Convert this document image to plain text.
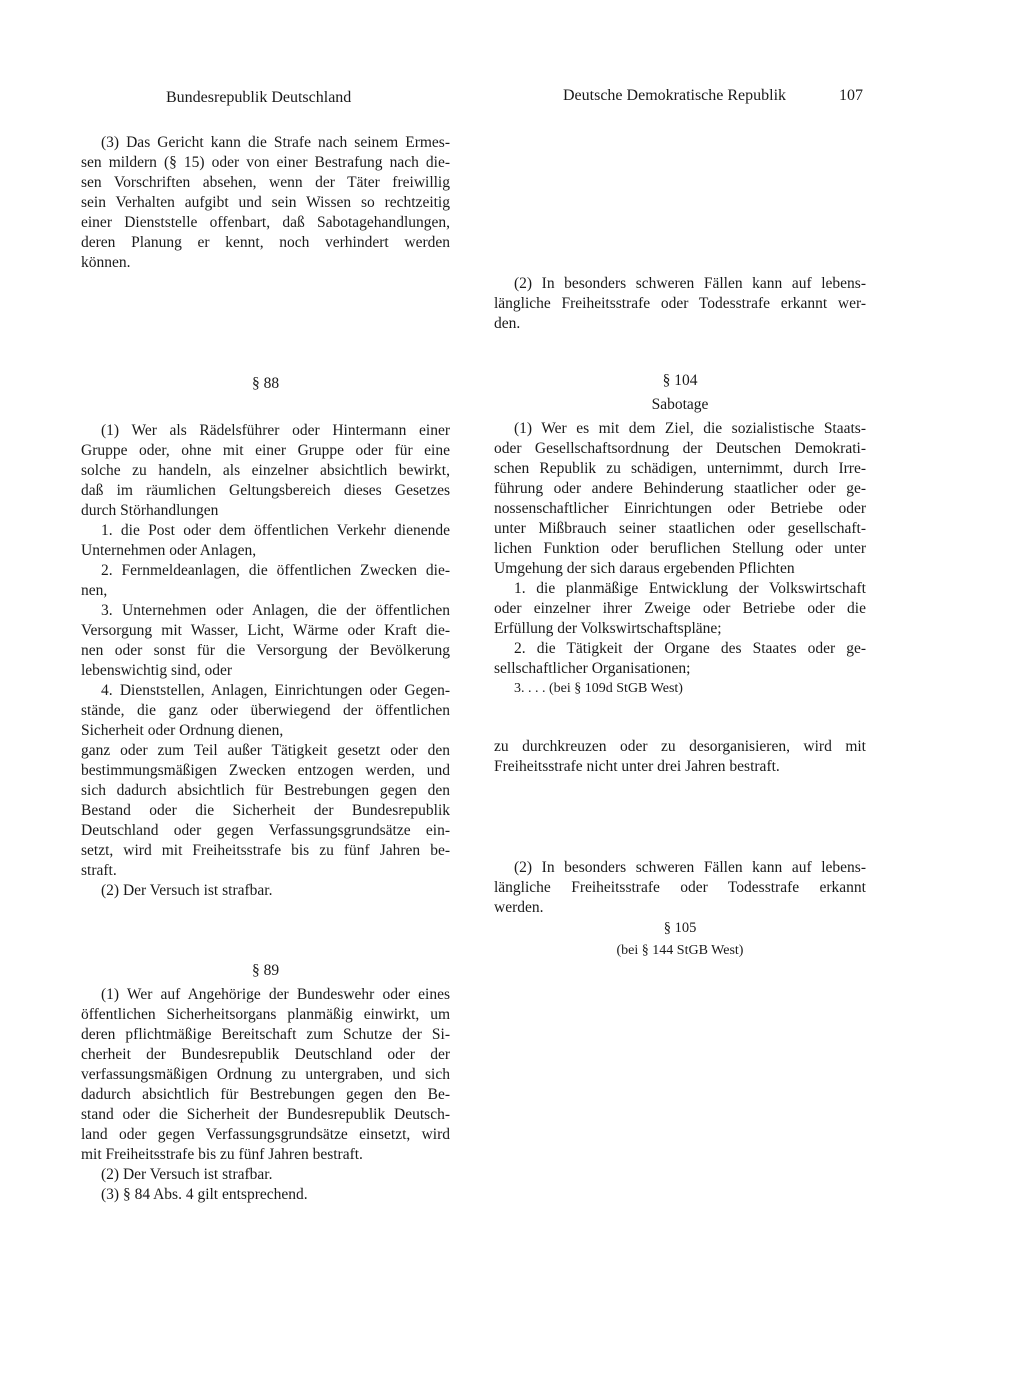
Bundesrepublik Deutschland	Deutsche Demokratische Republik	107
(3) Das Gericht kann die Strafe nach seinem Ermes-
sen mildern (§ 15) oder von einer Bestrafung nach die-
sen Vorschriften absehen, wenn der Täter freiwillig
sein Verhalten aufgibt und sein Wissen so rechtzeitig
einer Dienststelle offenbart, daß Sabotagehandlungen,
deren Planung er kennt, noch verhindert werden
können.
§ 88
(1) Wer als Rädelsführer oder Hintermann einer
Gruppe oder, ohne mit einer Gruppe oder für eine
solche zu handeln, als einzelner absichtlich bewirkt,
daß im räumlichen Geltungsbereich dieses Gesetzes
durch Störhandlungen
1. die Post oder dem öffentlichen Verkehr dienende
Unternehmen oder Anlagen,
2. Fernmeldeanlagen, die öffentlichen Zwecken die-
nen,
3. Unternehmen oder Anlagen, die der öffentlichen
Versorgung mit Wasser, Licht, Wärme oder Kraft die-
nen oder sonst für die Versorgung der Bevölkerung
lebenswichtig sind, oder
4. Dienststellen, Anlagen, Einrichtungen oder Gegen-
stände, die ganz oder überwiegend der öffentlichen
Sicherheit oder Ordnung dienen,
ganz oder zum Teil außer Tätigkeit gesetzt oder den
bestimmungsmäßigen Zwecken entzogen werden, und
sich dadurch absichtlich für Bestrebungen gegen den
Bestand oder die Sicherheit der Bundesrepublik
Deutschland oder gegen Verfassungsgrundsätze ein-
setzt, wird mit Freiheitsstrafe bis zu fünf Jahren be-
straft.
(2) Der Versuch ist strafbar.
§ 89
(1) Wer auf Angehörige der Bundeswehr oder eines
öffentlichen Sicherheitsorgans planmäßig einwirkt, um
deren pflichtmäßige Bereitschaft zum Schutze der Si-
cherheit der Bundesrepublik Deutschland oder der
verfassungsmäßigen Ordnung zu untergraben, und sich
dadurch absichtlich für Bestrebungen gegen den Be-
stand oder die Sicherheit der Bundesrepublik Deutsch-
land oder gegen Verfassungsgrundsätze einsetzt, wird
mit Freiheitsstrafe bis zu fünf Jahren bestraft.
(2) Der Versuch ist strafbar.
(3) § 84 Abs. 4 gilt entsprechend.
(2) In besonders schweren Fällen kann auf lebens-
längliche Freiheitsstrafe oder Todesstrafe erkannt wer-
den.
§ 104
Sabotage
(1) Wer es mit dem Ziel, die sozialistische Staats-
oder Gesellschaftsordnung der Deutschen Demokrati-
schen Republik zu schädigen, unternimmt, durch Irre-
führung oder andere Behinderung staatlicher oder ge-
nossenschaftlicher Einrichtungen oder Betriebe oder
unter Mißbrauch seiner staatlichen oder gesellschaft-
lichen Funktion oder beruflichen Stellung oder unter
Umgehung der sich daraus ergebenden Pflichten
1. die planmäßige Entwicklung der Volkswirtschaft
oder einzelner ihrer Zweige oder Betriebe oder die
Erfüllung der Volkswirtschaftspläne;
2. die Tätigkeit der Organe des Staates oder ge-
sellschaftlicher Organisationen;
3. . . . (bei § 109d StGB West)
zu durchkreuzen oder zu desorganisieren, wird mit
Freiheitsstrafe nicht unter drei Jahren bestraft.
(2) In besonders schweren Fällen kann auf lebens-
längliche Freiheitsstrafe oder Todesstrafe erkannt
werden.
§ 105
(bei § 144 StGB West)
